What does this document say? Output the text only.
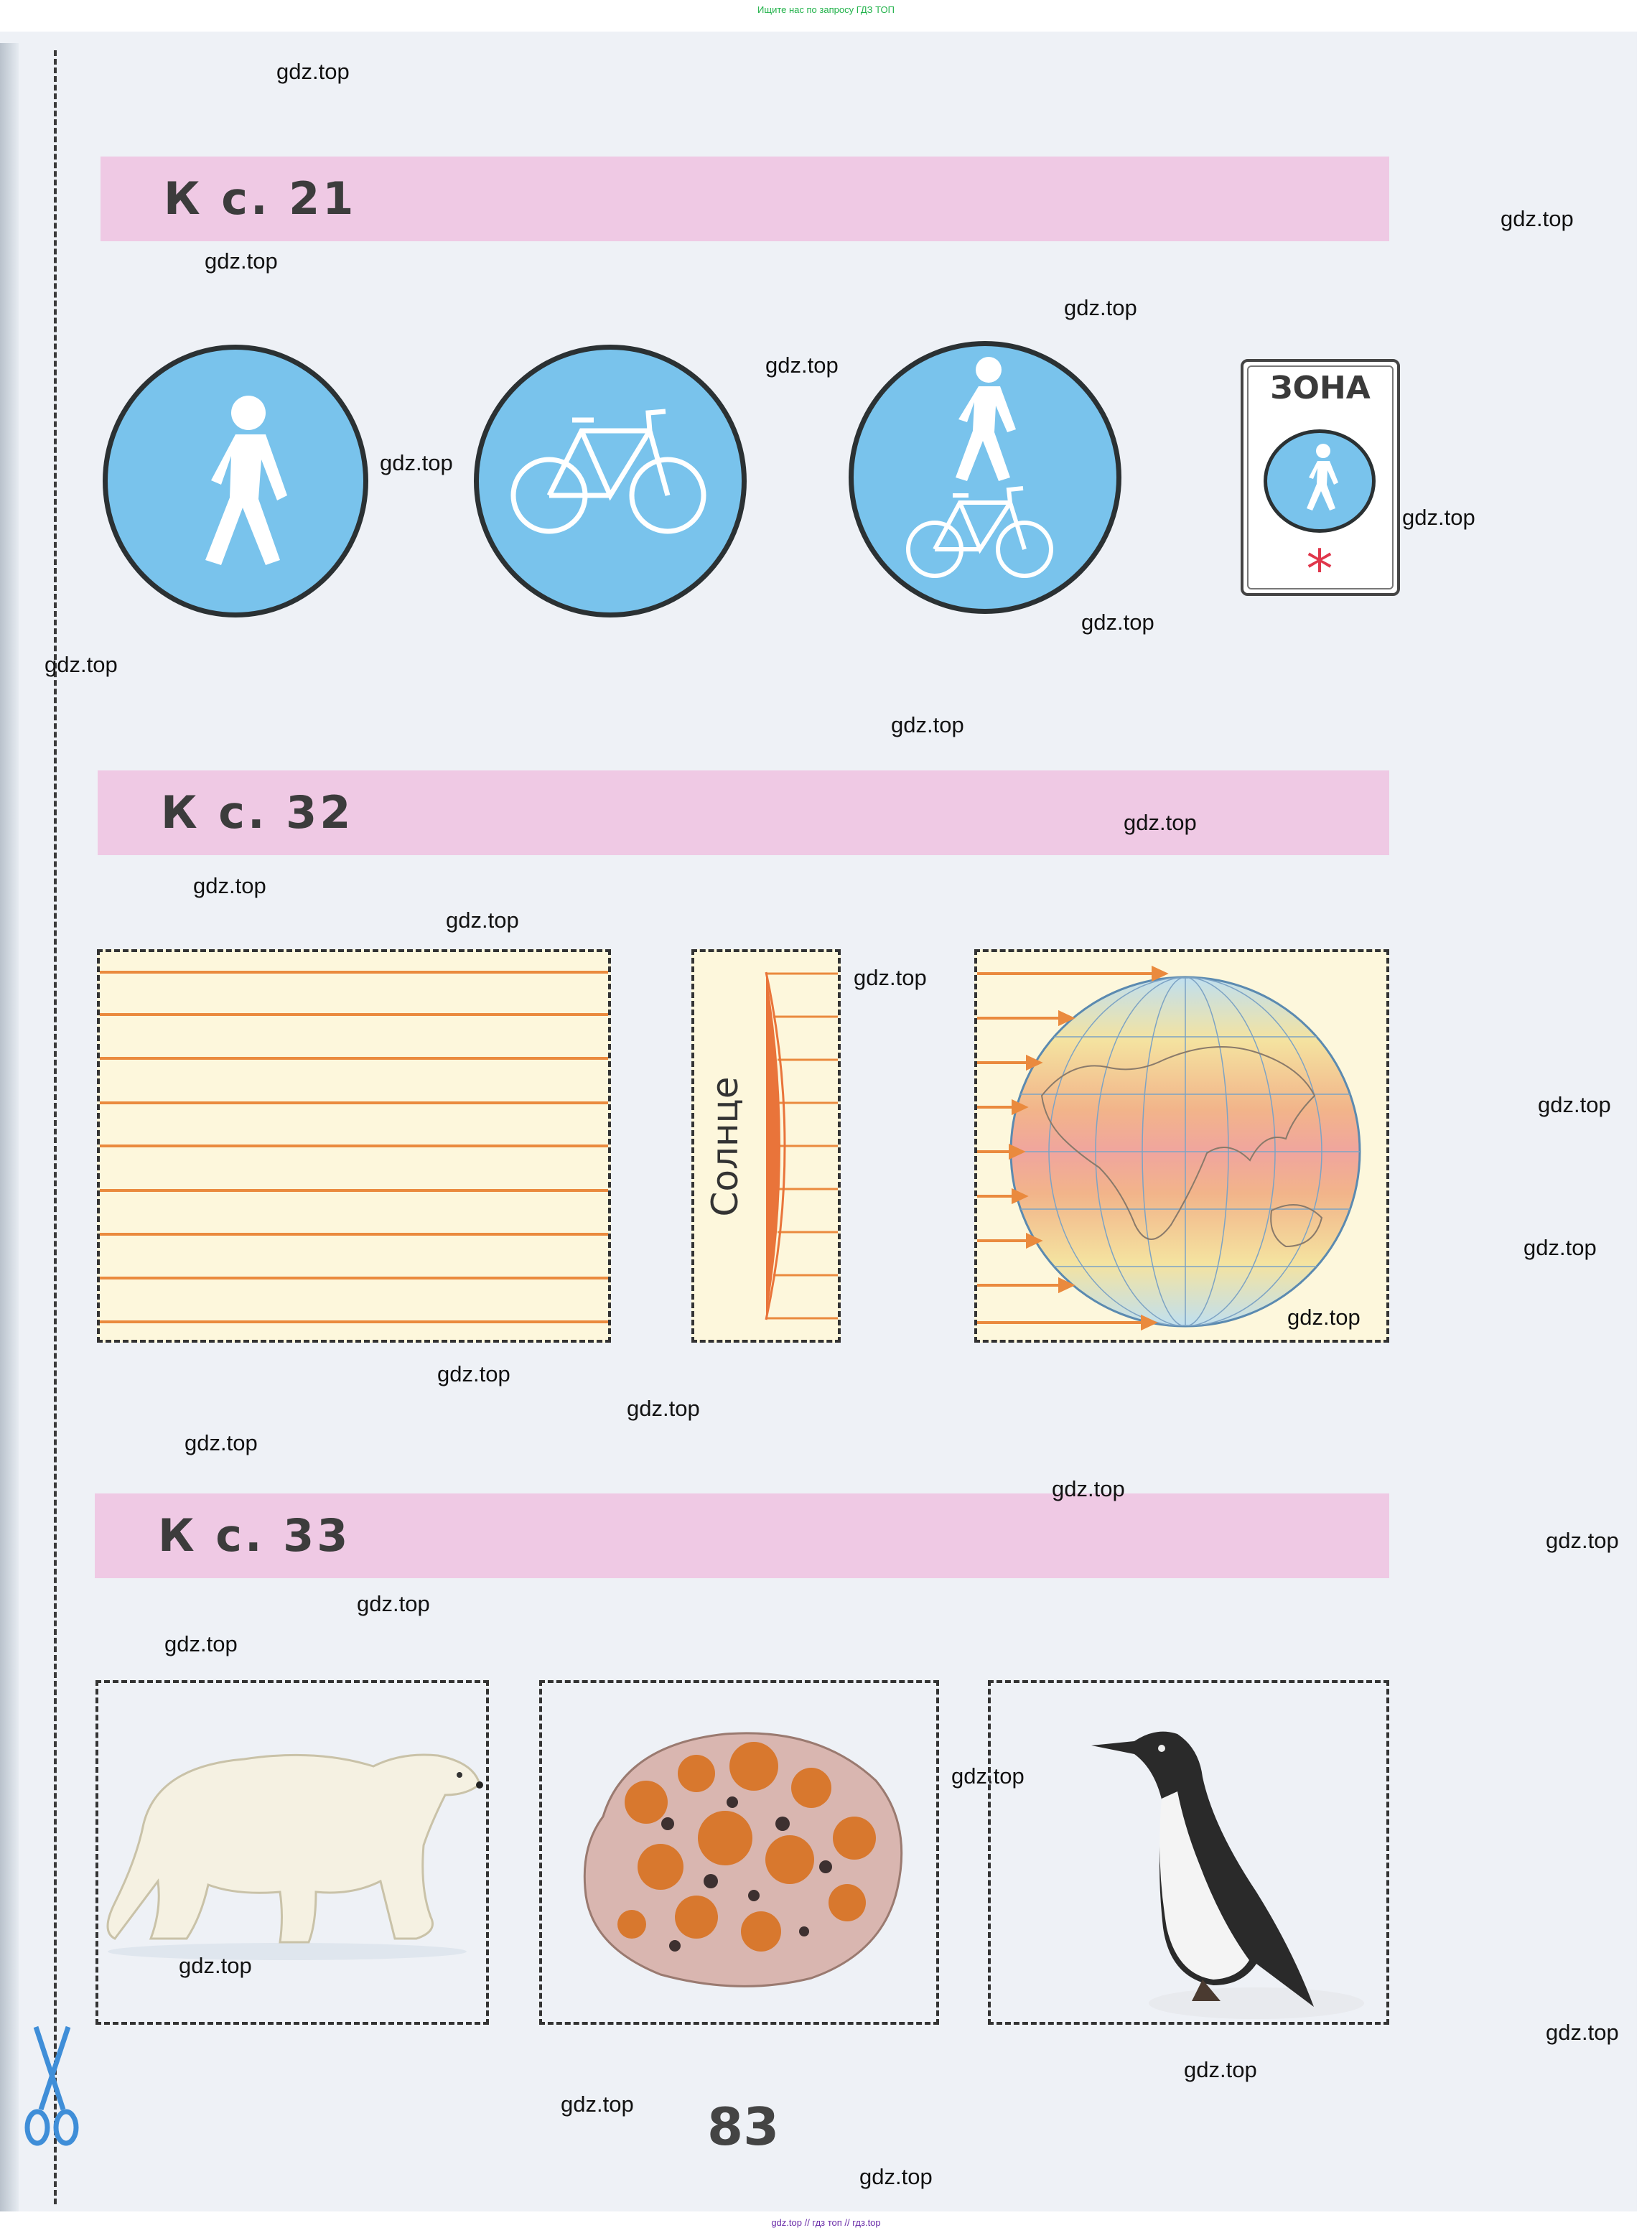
Ищите нас по запросу ГДЗ ТОП
К с. 21
*
ЗОНА
К с. 32
Солнце
К с. 33
83
gdz.top
gdz.top
gdz.top
gdz.top
gdz.top
gdz.top
gdz.top
gdz.top
gdz.top
gdz.top
gdz.top
gdz.top
gdz.top
gdz.top
gdz.top
gdz.top
gdz.top
gdz.top
gdz.top
gdz.top
gdz.top
gdz.top
gdz.top
gdz.top
gdz.top
gdz.top
gdz.top
gdz.top
gdz.top
gdz.top
gdz.top // гдз топ // гдз.top
